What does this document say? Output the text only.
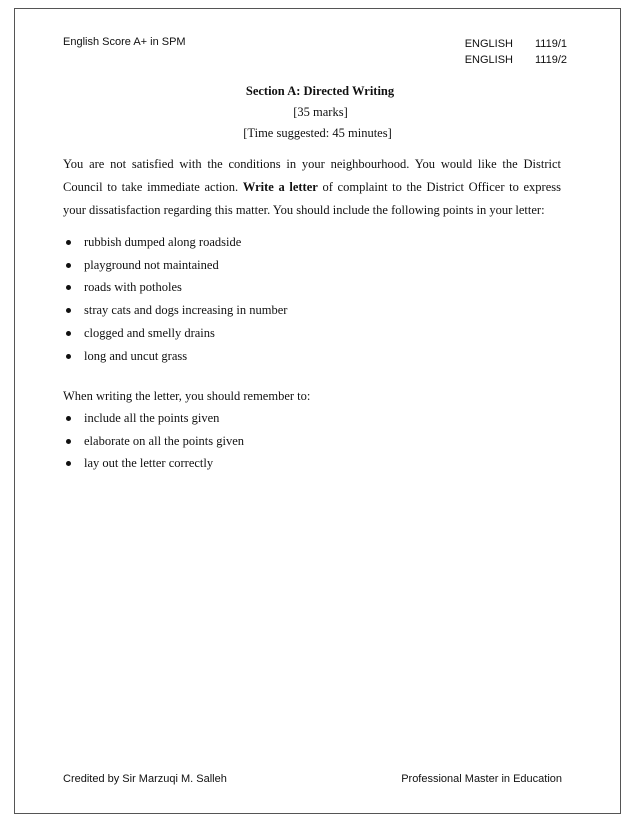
English Score A+ in SPM	ENGLISH 1119/1
ENGLISH 1119/2
Section A: Directed Writing
[35 marks]
[Time suggested: 45 minutes]
You are not satisfied with the conditions in your neighbourhood. You would like the District Council to take immediate action. Write a letter of complaint to the District Officer to express your dissatisfaction regarding this matter. You should include the following points in your letter:
rubbish dumped along roadside
playground not maintained
roads with potholes
stray cats and dogs increasing in number
clogged and smelly drains
long and uncut grass
When writing the letter, you should remember to:
include all the points given
elaborate on all the points given
lay out the letter correctly
Credited by Sir Marzuqi M. Salleh	Professional Master in Education
